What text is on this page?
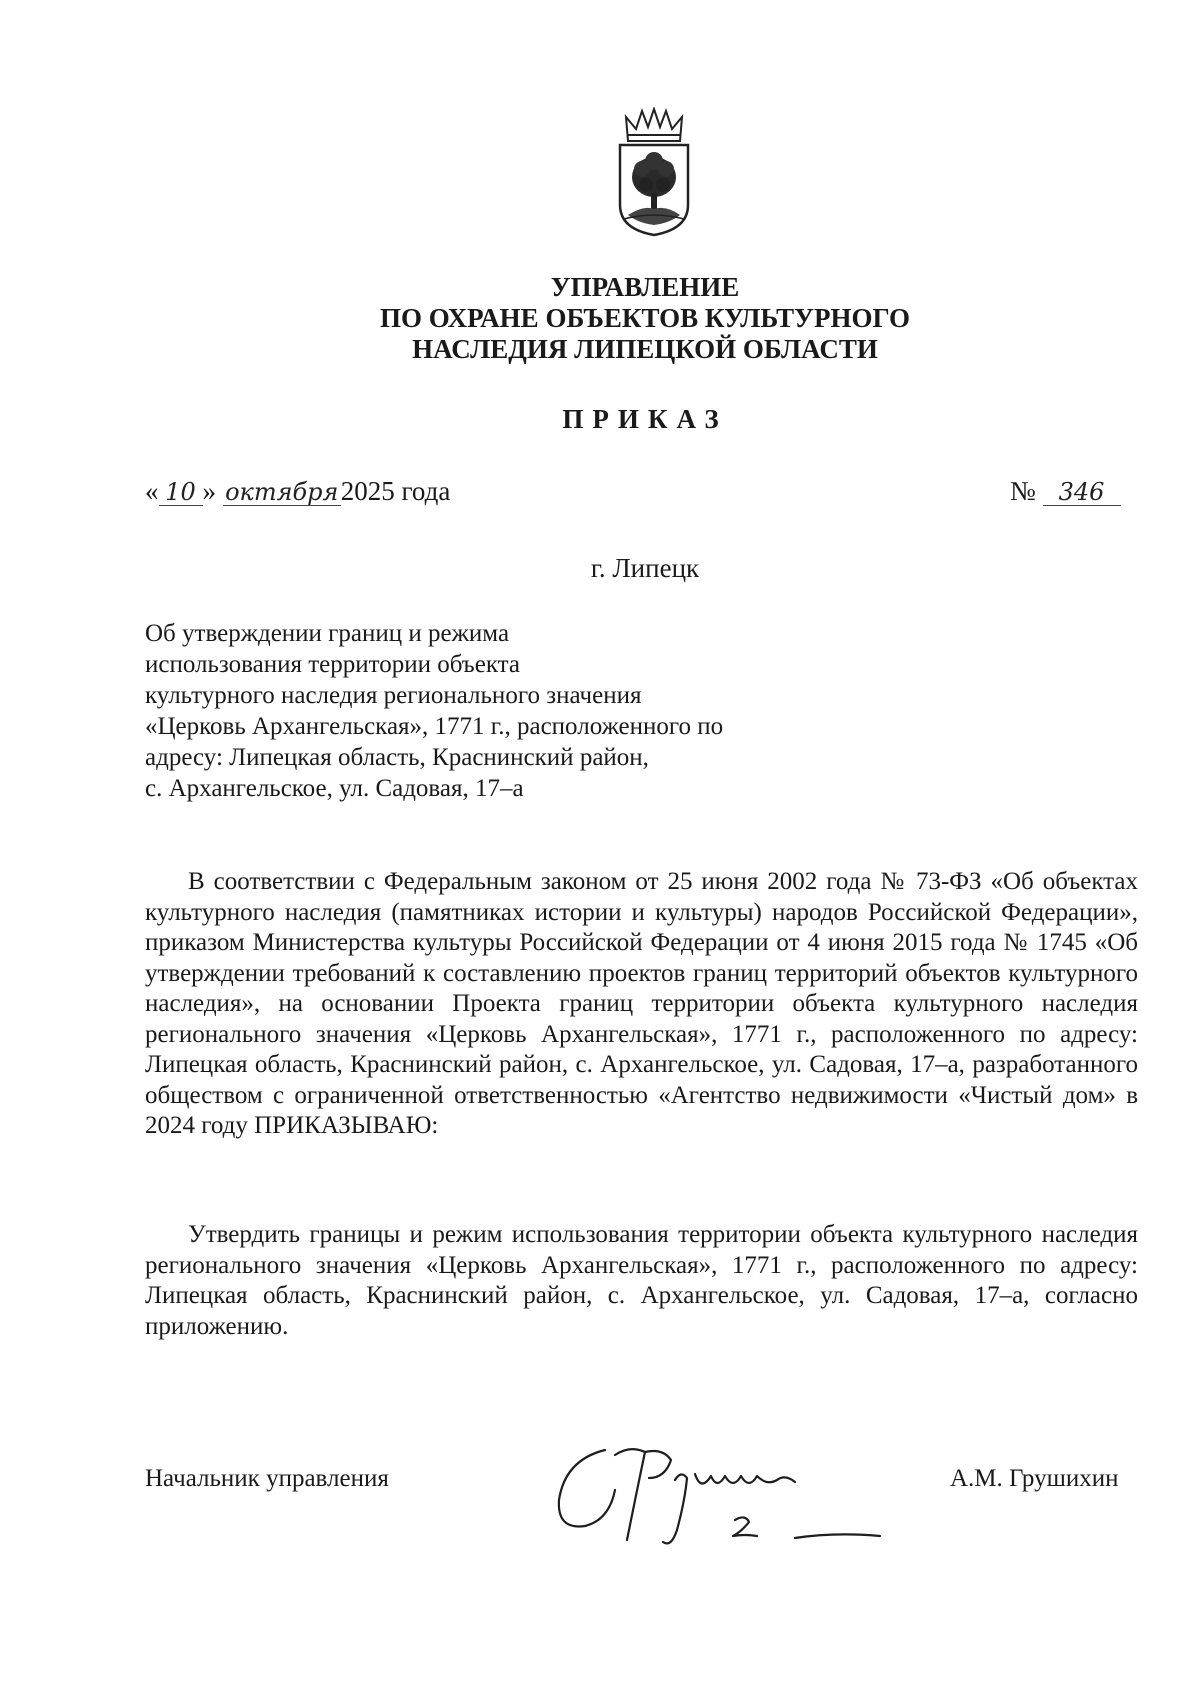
УПРАВЛЕНИЕ
ПО ОХРАНЕ ОБЪЕКТОВ КУЛЬТУРНОГО
НАСЛЕДИЯ ЛИПЕЦКОЙ ОБЛАСТИ
ПРИКАЗ
« 10 » октября2025 года	№ 346
г. Липецк
Об утверждении границ и режима
использования территории объекта
культурного наследия регионального значения
«Церковь Архангельская», 1771 г., расположенного по
адресу: Липецкая область, Краснинский район,
с. Архангельское, ул. Садовая, 17–а

В соответствии с Федеральным законом от 25 июня 2002 года № 73-ФЗ «Об объектах культурного наследия (памятниках истории и культуры) народов Российской Федерации», приказом Министерства культуры Российской Федерации от 4 июня 2015 года № 1745 «Об утверждении требований к составлению проектов границ территорий объектов культурного наследия», на основании Проекта границ территории объекта культурного наследия регионального значения «Церковь Архангельская», 1771 г., расположенного по адресу: Липецкая область, Краснинский район, с. Архангельское, ул. Садовая, 17–а, разработанного обществом с ограниченной ответственностью «Агентство недвижимости «Чистый дом» в 2024 году ПРИКАЗЫВАЮ:

Утвердить границы и режим использования территории объекта культурного наследия регионального значения «Церковь Архангельская», 1771 г., расположенного по адресу: Липецкая область, Краснинский район, с. Архангельское, ул. Садовая, 17–а, согласно приложению.

Начальник управления	А.М. Грушихин
